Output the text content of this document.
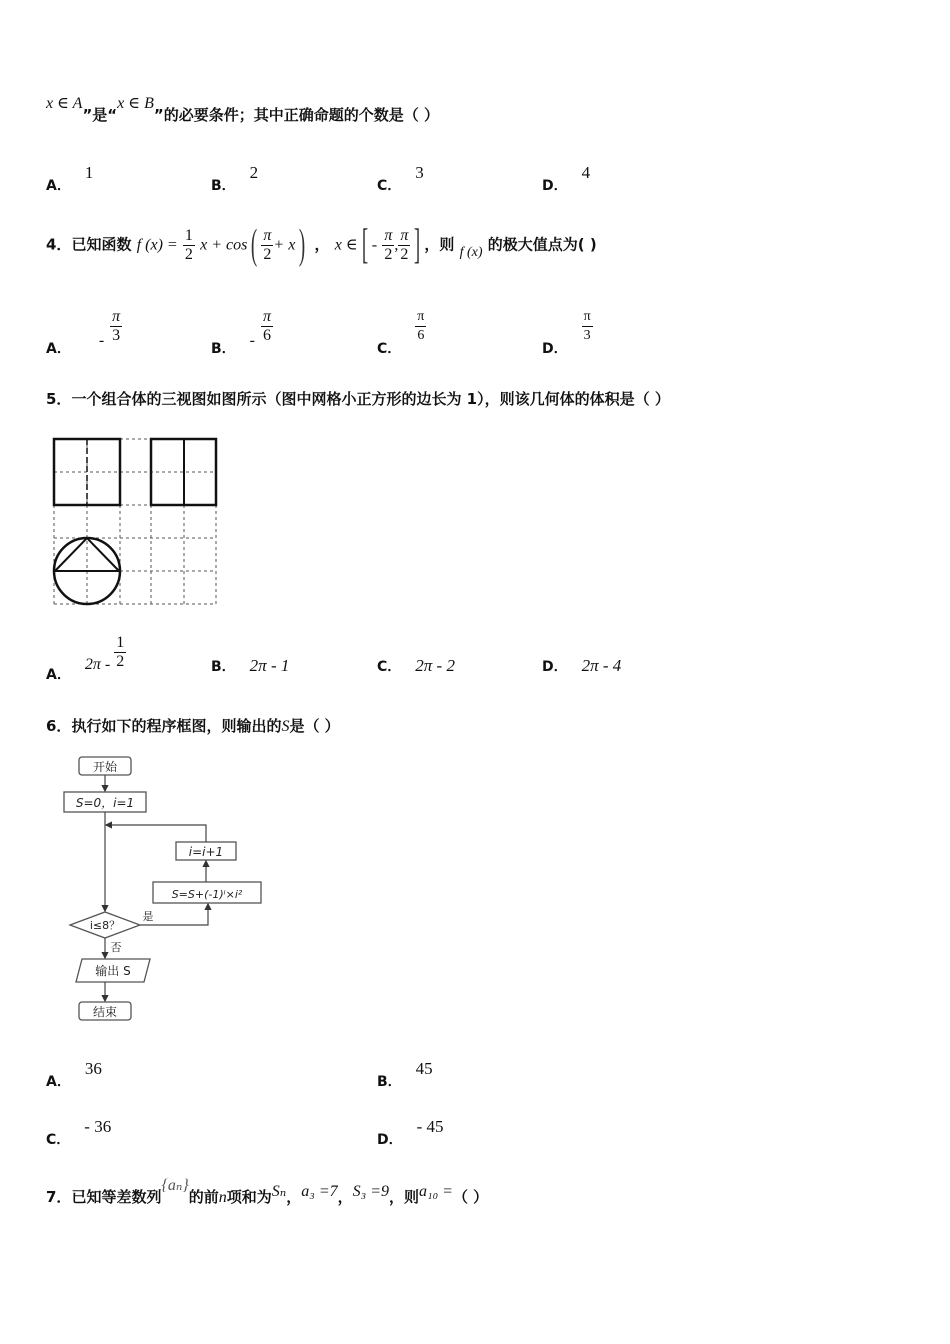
x ∈ A”是“x ∈ B”的必要条件；其中正确命题的个数是（ ）
A．1
B．2
C．3
D．4
4．已知函数 f $(x) = \frac{1}{2}$ $x + \cos( \frac{\pi}{2} + x)$ ， x ∈[ - $\frac{\pi}{2}$ , $\frac{\pi}{2}$ ] ，则 f (x) 的极大值点为( )
A． - $\frac{\pi}{3}$
B． - $\frac{\pi}{6}$
C．
$\frac{\pi}{6}$
D．
$\frac{\pi}{3}$
5．一个组合体的三视图如图所示（图中网格小正方形的边长为 1），则该几何体的体积是（ ）
A．$2\pi - \frac{1}{2}$	B． 2π - 1	C． 2π - 2	D． 2π - 4
6．执行如下的程序框图，则输出的S是（ ）
开始
S=0，i=1
i=i+1
S=S+(-1)ⁱ×i²
i≤8？
是
否
输出 S
结束
A．36
B．45
C．- 36
D．- 45
7．已知等差数列{aₙ}的前n项和为Sₙ，a₃ =7，S₃ =9，则a₁₀ =（ ）
